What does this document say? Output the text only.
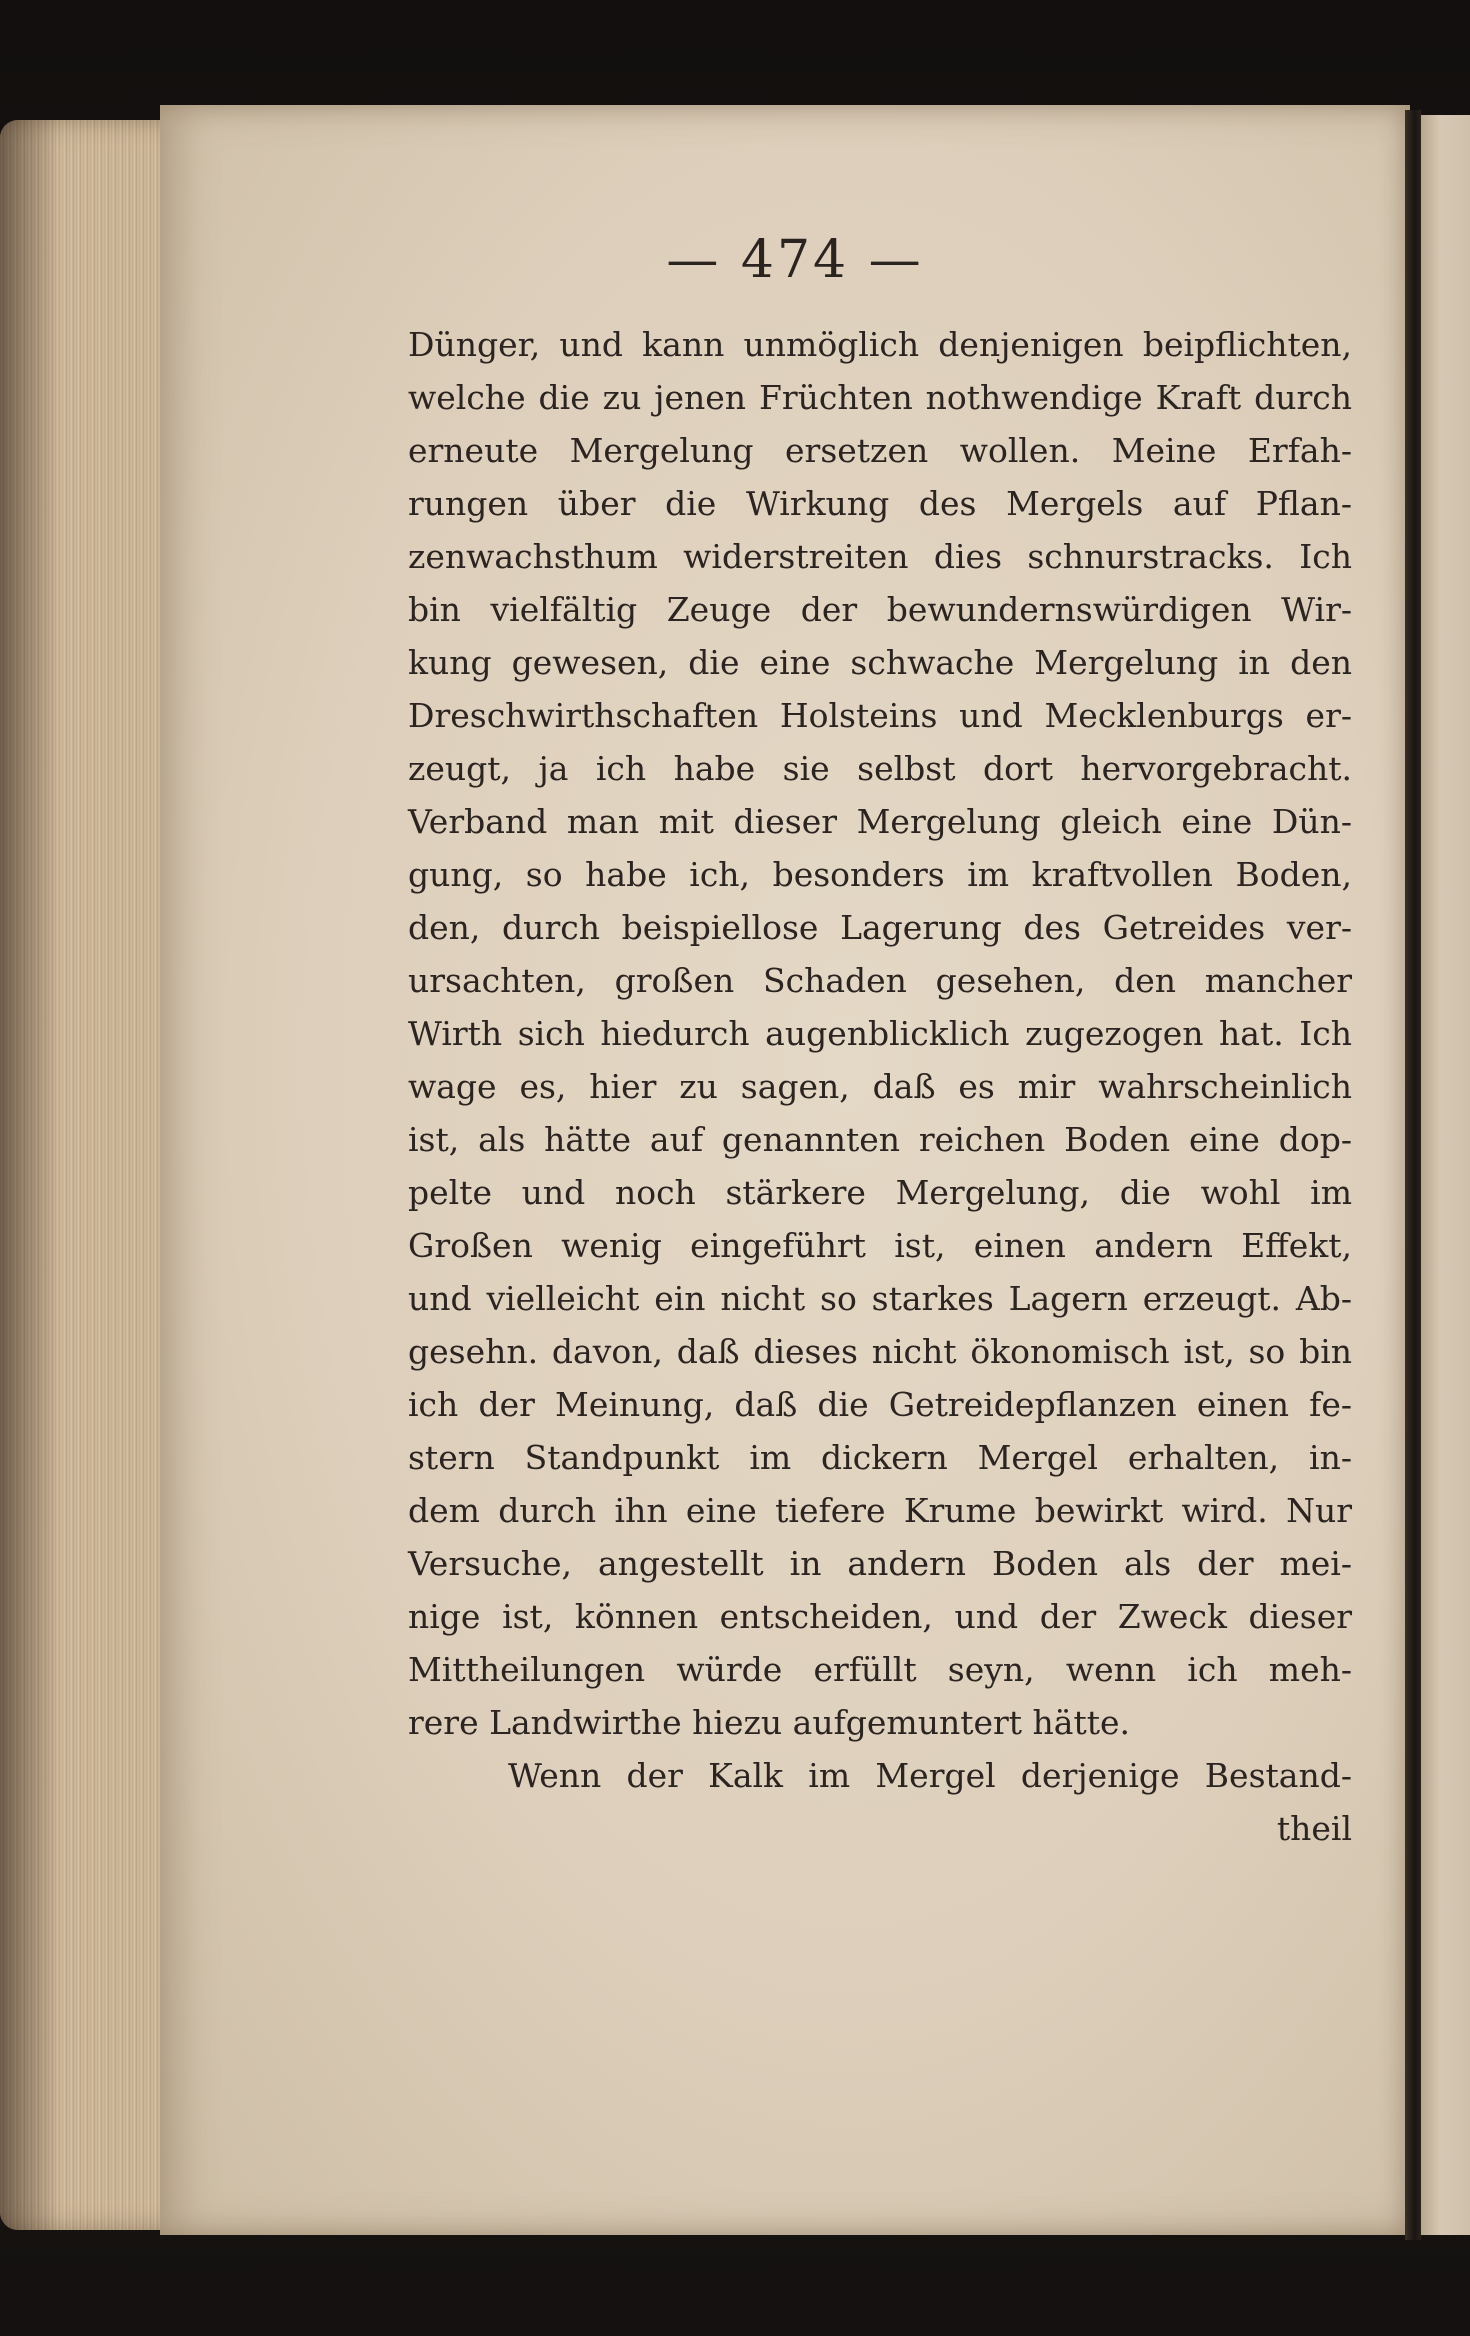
— 474 —
Dünger, und kann unmöglich denjenigen beipflichten,
welche die zu jenen Früchten nothwendige Kraft durch
erneute Mergelung ersetzen wollen. Meine Erfah-
rungen über die Wirkung des Mergels auf Pflan-
zenwachsthum widerstreiten dies schnurstracks. Ich
bin vielfältig Zeuge der bewundernswürdigen Wir-
kung gewesen, die eine schwache Mergelung in den
Dreschwirthschaften Holsteins und Mecklenburgs er-
zeugt, ja ich habe sie selbst dort hervorgebracht.
Verband man mit dieser Mergelung gleich eine Dün-
gung, so habe ich, besonders im kraftvollen Boden,
den, durch beispiellose Lagerung des Getreides ver-
ursachten, großen Schaden gesehen, den mancher
Wirth sich hiedurch augenblicklich zugezogen hat. Ich
wage es, hier zu sagen, daß es mir wahrscheinlich
ist, als hätte auf genannten reichen Boden eine dop-
pelte und noch stärkere Mergelung, die wohl im
Großen wenig eingeführt ist, einen andern Effekt,
und vielleicht ein nicht so starkes Lagern erzeugt. Ab-
gesehn. davon, daß dieses nicht ökonomisch ist, so bin
ich der Meinung, daß die Getreidepflanzen einen fe-
stern Standpunkt im dickern Mergel erhalten, in-
dem durch ihn eine tiefere Krume bewirkt wird. Nur
Versuche, angestellt in andern Boden als der mei-
nige ist, können entscheiden, und der Zweck dieser
Mittheilungen würde erfüllt seyn, wenn ich meh-
rere Landwirthe hiezu aufgemuntert hätte.
Wenn der Kalk im Mergel derjenige Bestand-
theil
